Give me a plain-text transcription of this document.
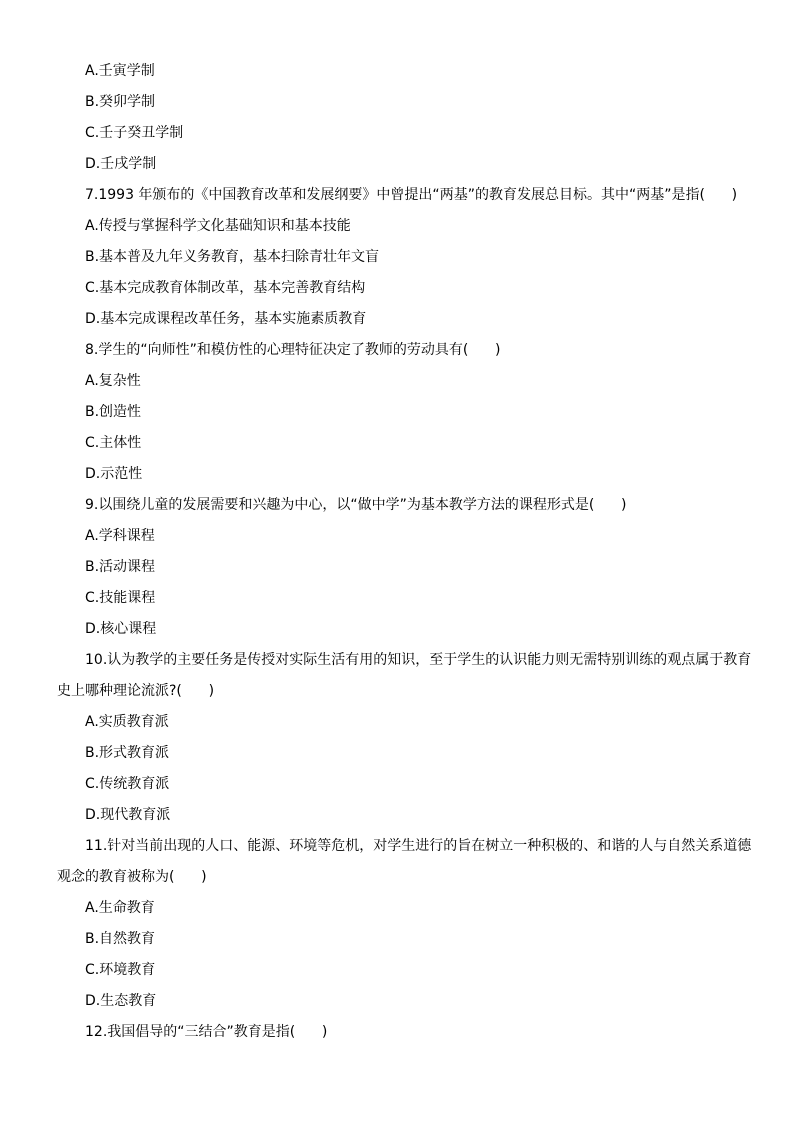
A.壬寅学制

B.癸卯学制

C.壬子癸丑学制

D.壬戌学制

7.1993 年颁布的《中国教育改革和发展纲要》中曾提出“两基”的教育发展总目标。其中“两基”是指(      )

A.传授与掌握科学文化基础知识和基本技能

B.基本普及九年义务教育，基本扫除青壮年文盲

C.基本完成教育体制改革，基本完善教育结构

D.基本完成课程改革任务，基本实施素质教育

8.学生的“向师性”和模仿性的心理特征决定了教师的劳动具有(      )

A.复杂性

B.创造性

C.主体性

D.示范性

9.以围绕儿童的发展需要和兴趣为中心，以“做中学”为基本教学方法的课程形式是(      )

A.学科课程

B.活动课程

C.技能课程

D.核心课程

10.认为教学的主要任务是传授对实际生活有用的知识，至于学生的认识能力则无需特别训练的观点属于教育史上哪种理论流派?(      )

A.实质教育派

B.形式教育派

C.传统教育派

D.现代教育派

11.针对当前出现的人口、能源、环境等危机，对学生进行的旨在树立一种积极的、和谐的人与自然关系道德观念的教育被称为(      )

A.生命教育

B.自然教育

C.环境教育

D.生态教育

12.我国倡导的“三结合”教育是指(      )
